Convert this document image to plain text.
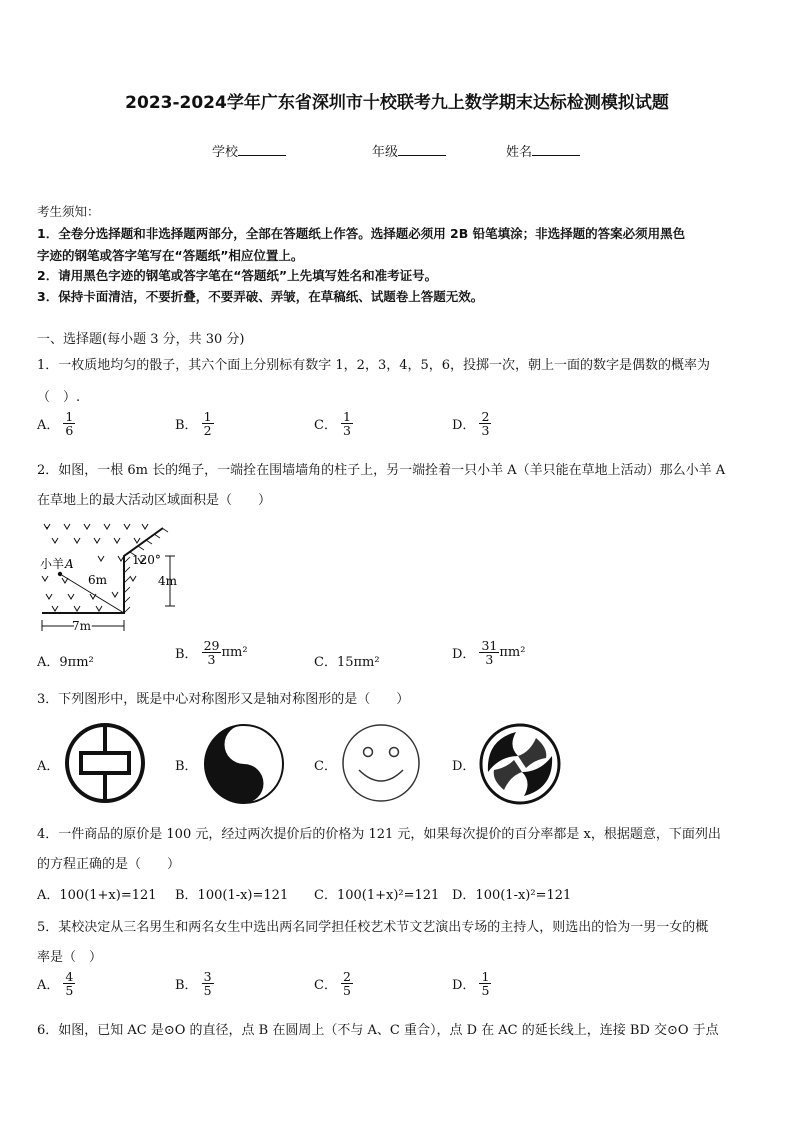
2023-2024学年广东省深圳市十校联考九上数学期末达标检测模拟试题
学校	年级	姓名
考生须知：
1．全卷分选择题和非选择题两部分，全部在答题纸上作答。选择题必须用 2B 铅笔填涂；非选择题的答案必须用黑色
字迹的钢笔或答字笔写在“答题纸”相应位置上。
2．请用黑色字迹的钢笔或答字笔在“答题纸”上先填写姓名和准考证号。
3．保持卡面清洁，不要折叠，不要弄破、弄皱，在草稿纸、试题卷上答题无效。
一、选择题(每小题 3 分，共 30 分)
1．一枚质地均匀的骰子，其六个面上分别标有数字 1，2，3，4，5，6，投掷一次，朝上一面的数字是偶数的概率为
（　）.
A． $\frac{1}{6}$	B． $\frac{1}{2}$	C． $\frac{1}{3}$	D． $\frac{2}{3}$
2．如图，一根 6m 长的绳子，一端拴在围墙墙角的柱子上，另一端拴着一只小羊 A（羊只能在草地上活动）那么小羊 A
在草地上的最大活动区域面积是（　　）
小羊 A
6m
120°
4m
7m
A．9πm²
B． $\frac{29}{3} \pi m^2$
C．15πm²
D． $\frac{31}{3} \pi m^2$
3．下列图形中，既是中心对称图形又是轴对称图形的是（　　）
A．	B．	C．	D．
4．一件商品的原价是 100 元，经过两次提价后的价格为 121 元，如果每次提价的百分率都是 x，根据题意，下面列出
的方程正确的是（　　）
A．100(1+x)=121 B．100(1-x)=121 C．100(1+x)²=121 D．100(1-x)²=121
5．某校决定从三名男生和两名女生中选出两名同学担任校艺术节文艺演出专场的主持人，则选出的恰为一男一女的概
率是（　）
A． $\frac{4}{5}$	B． $\frac{3}{5}$	C． $\frac{2}{5}$	D． $\frac{1}{5}$
6．如图，已知 AC 是⊙O 的直径，点 B 在圆周上（不与 A、C 重合），点 D 在 AC 的延长线上，连接 BD 交⊙O 于点
